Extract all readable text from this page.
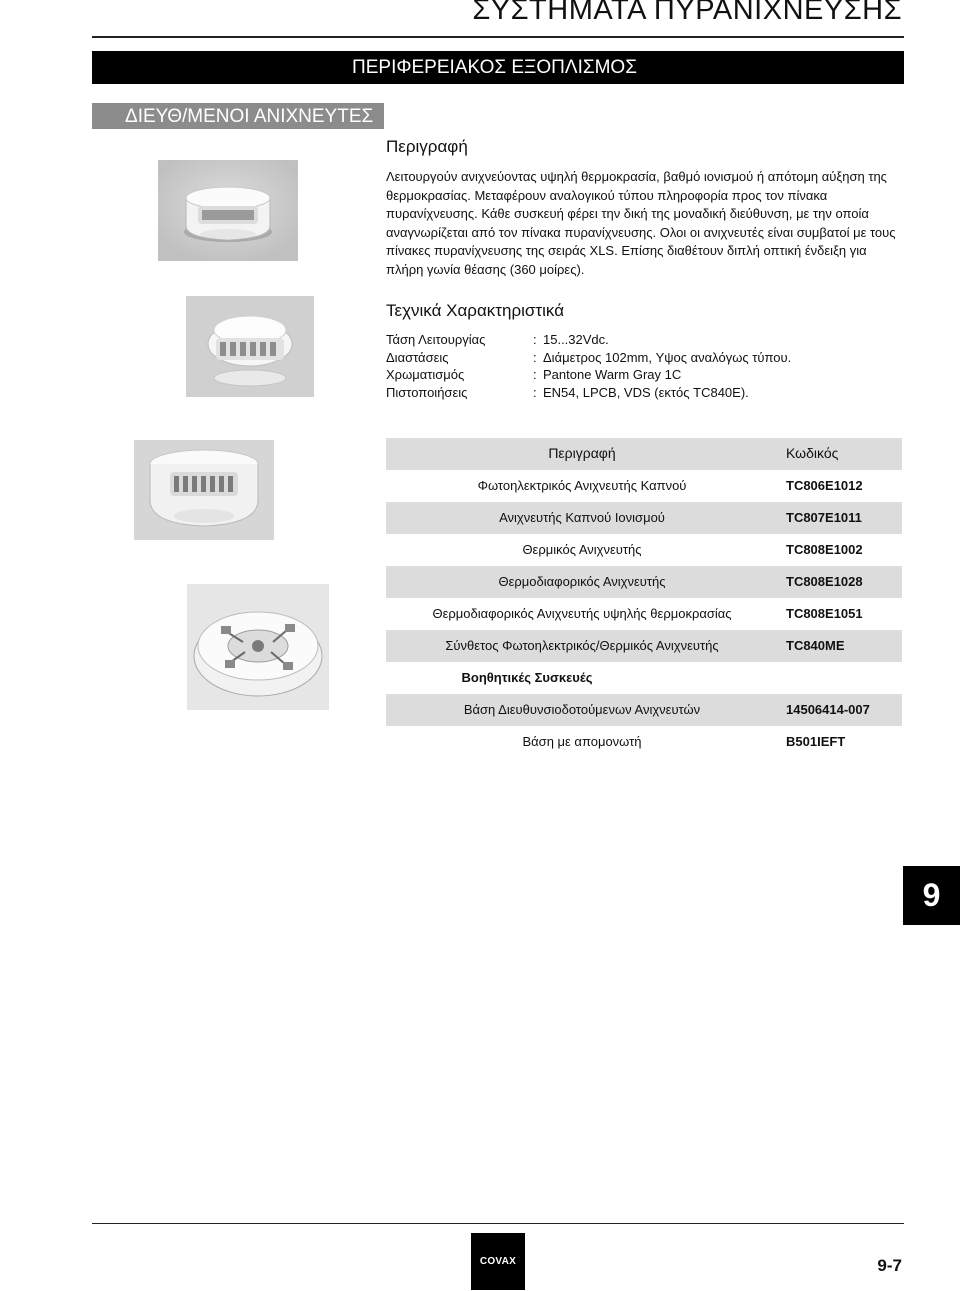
ΣΥΣΤΗΜΑΤΑ ΠΥΡΑΝΙΧΝΕΥΣΗΣ
ΠΕΡΙΦΕΡΕΙΑΚΟΣ ΕΞΟΠΛΙΣΜΟΣ
ΔΙΕΥΘ/ΜΕΝΟΙ ΑΝΙΧΝΕΥΤΕΣ
Περιγραφή
Λειτουργούν ανιχνεύοντας υψηλή θερμοκρασία, βαθμό ιονισμού ή απότομη αύξηση της θερμοκρασίας. Μεταφέρουν αναλογικού τύπου πληροφορία προς τον πίνακα πυρανίχνευσης. Κάθε συσκευή φέρει την δική της μοναδική διεύθυνση, με την οποία αναγνωρίζεται από τον πίνακα πυρανίχνευσης. Ολοι οι ανιχνευτές είναι συμβατοί με τους πίνακες πυρανίχνευσης της σειράς XLS. Επίσης διαθέτουν διπλή οπτική ένδειξη για πλήρη γωνία θέασης (360 μοίρες).
Τεχνικά Χαρακτηριστικά
Τάση Λειτουργίας	: 15...32Vdc.
Διαστάσεις	: Διάμετρος 102mm, Υψος αναλόγως τύπου.
Χρωματισμός	: Pantone Warm Gray 1C
Πιστοποιήσεις	: EN54, LPCB, VDS (εκτός TC840E).
Περιγραφή	Κωδικός
Φωτοηλεκτρικός Ανιχνευτής Καπνού	TC806E1012
Ανιχνευτής Καπνού Ιονισμού	TC807E1011
Θερμικός Ανιχνευτής	TC808E1002
Θερμοδιαφορικός Ανιχνευτής	TC808E1028
Θερμοδιαφορικός Ανιχνευτής υψηλής θερμοκρασίας	TC808E1051
Σύνθετος Φωτοηλεκτρικός/Θερμικός Ανιχνευτής	TC840ME
Βοηθητικές Συσκευές
Βάση Διευθυνσιοδοτούμενων Ανιχνευτών	14506414-007
Βάση με απομονωτή	B501IEFT
9
COVAX	9-7
